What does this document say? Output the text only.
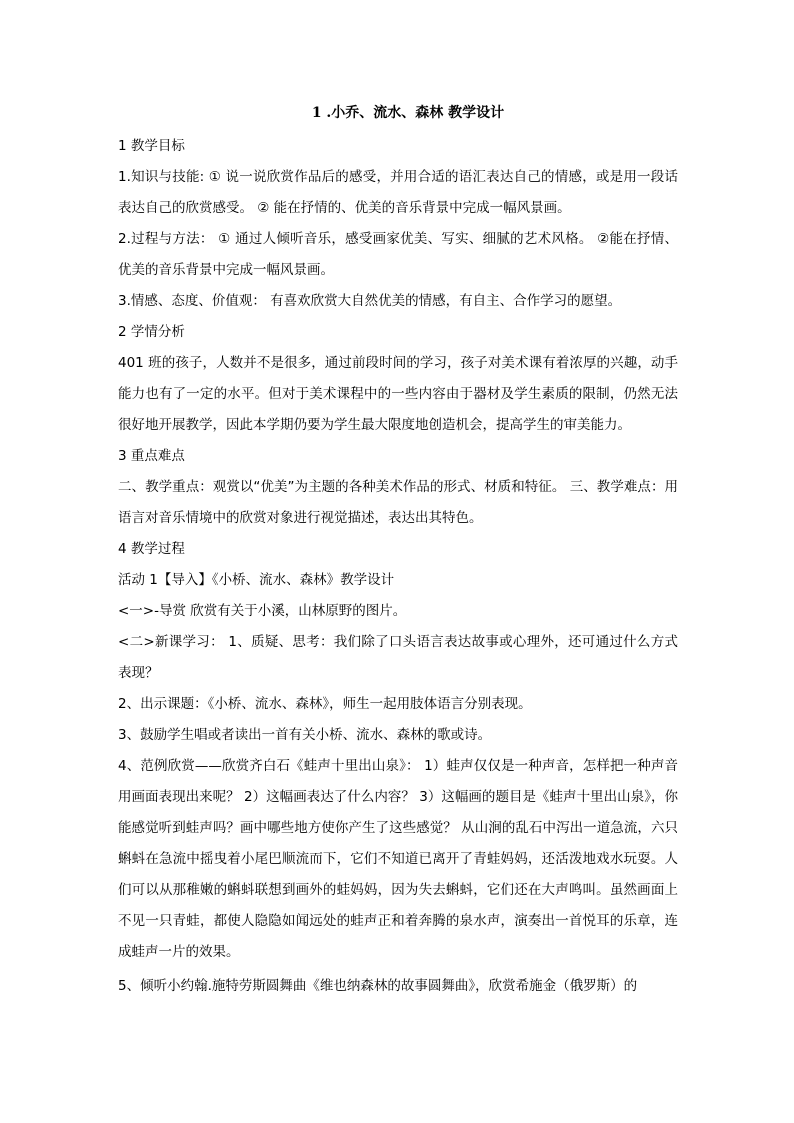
1 .小乔、流水、森林 教学设计
1 教学目标
1.知识与技能: ① 说一说欣赏作品后的感受，并用合适的语汇表达自己的情感，或是用一段话表达自己的欣赏感受。 ② 能在抒情的、优美的音乐背景中完成一幅风景画。
2.过程与方法： ① 通过人倾听音乐，感受画家优美、写实、细腻的艺术风格。 ②能在抒情、优美的音乐背景中完成一幅风景画。
3.情感、态度、价值观： 有喜欢欣赏大自然优美的情感，有自主、合作学习的愿望。
2 学情分析
401 班的孩子，人数并不是很多，通过前段时间的学习，孩子对美术课有着浓厚的兴趣，动手能力也有了一定的水平。但对于美术课程中的一些内容由于器材及学生素质的限制，仍然无法很好地开展教学，因此本学期仍要为学生最大限度地创造机会，提高学生的审美能力。
3 重点难点
二、教学重点：观赏以“优美”为主题的各种美术作品的形式、材质和特征。 三、教学难点：用语言对音乐情境中的欣赏对象进行视觉描述，表达出其特色。
4 教学过程
活动 1【导入】《小桥、流水、森林》教学设计
<一>-导赏 欣赏有关于小溪，山林原野的图片。
<二>新课学习： 1、质疑、思考：我们除了口头语言表达故事或心理外，还可通过什么方式表现？
2、出示课题：《小桥、流水、森林》，师生一起用肢体语言分别表现。
3、鼓励学生唱或者读出一首有关小桥、流水、森林的歌或诗。
4、范例欣赏——欣赏齐白石《蛙声十里出山泉》： 1）蛙声仅仅是一种声音，怎样把一种声音用画面表现出来呢？ 2）这幅画表达了什么内容？ 3）这幅画的题目是《蛙声十里出山泉》，你能感觉听到蛙声吗？画中哪些地方使你产生了这些感觉？ 从山涧的乱石中泻出一道急流，六只蝌蚪在急流中摇曳着小尾巴顺流而下，它们不知道已离开了青蛙妈妈，还活泼地戏水玩耍。人们可以从那稚嫩的蝌蚪联想到画外的蛙妈妈，因为失去蝌蚪，它们还在大声鸣叫。虽然画面上不见一只青蛙，都使人隐隐如闻远处的蛙声正和着奔腾的泉水声，演奏出一首悦耳的乐章，连成蛙声一片的效果。
5、倾听小约翰.施特劳斯圆舞曲《维也纳森林的故事圆舞曲》，欣赏希施金（俄罗斯）的
